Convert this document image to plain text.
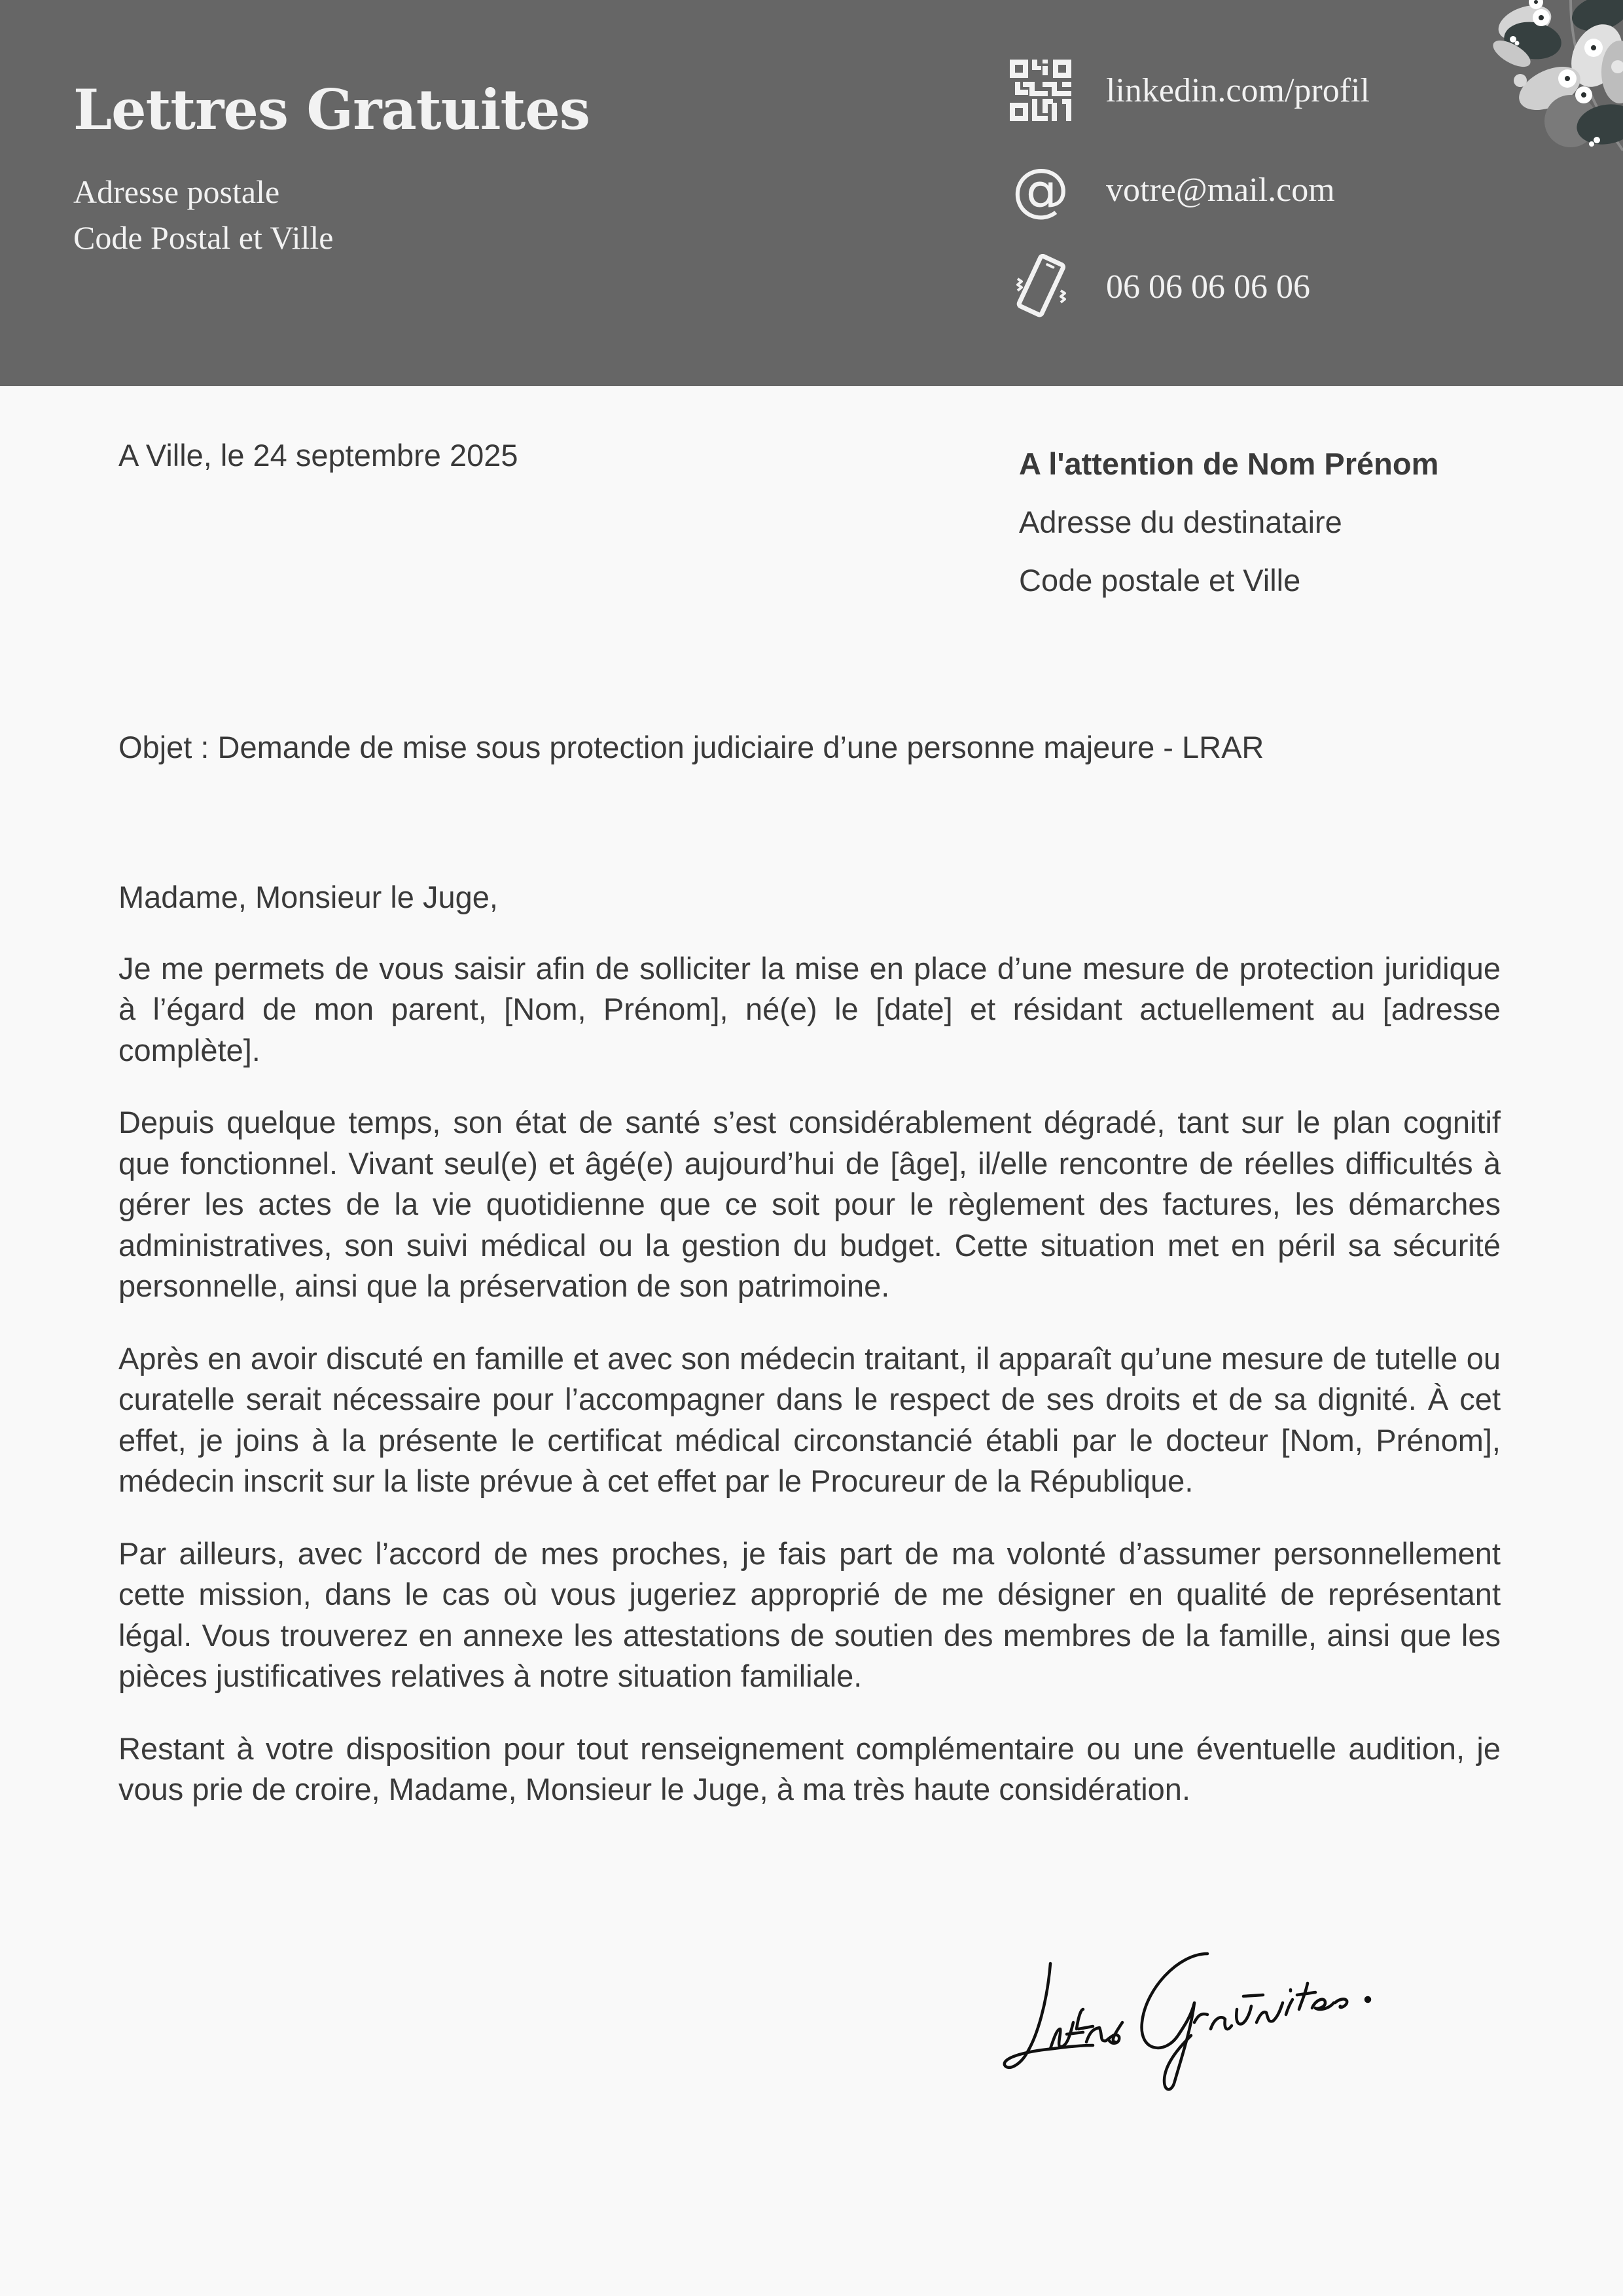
Lettres Gratuites
Adresse postale
Code Postal et Ville
linkedin.com/profil
@ votre@mail.com
06 06 06 06 06
A Ville, le 24 septembre 2025	A l'attention de Nom Prénom
Adresse du destinataire
Code postale et Ville
Objet : Demande de mise sous protection judiciaire d’une personne majeure - LRAR

Madame, Monsieur le Juge,

Je me permets de vous saisir afin de solliciter la mise en place d’une mesure de protection juridique à l’égard de mon parent, [Nom, Prénom], né(e) le [date] et résidant actuellement au [adresse complète].

Depuis quelque temps, son état de santé s’est considérablement dégradé, tant sur le plan cognitif que fonctionnel. Vivant seul(e) et âgé(e) aujourd’hui de [âge], il/elle rencontre de réelles difficultés à gérer les actes de la vie quotidienne que ce soit pour le règlement des factures, les démarches administratives, son suivi médical ou la gestion du budget. Cette situation met en péril sa sécurité personnelle, ainsi que la préservation de son patrimoine.

Après en avoir discuté en famille et avec son médecin traitant, il apparaît qu’une mesure de tutelle ou curatelle serait nécessaire pour l’accompagner dans le respect de ses droits et de sa dignité. À cet effet, je joins à la présente le certificat médical circonstancié établi par le docteur [Nom, Prénom], médecin inscrit sur la liste prévue à cet effet par le Procureur de la République.

Par ailleurs, avec l’accord de mes proches, je fais part de ma volonté d’assumer personnellement cette mission, dans le cas où vous jugeriez approprié de me désigner en qualité de représentant légal. Vous trouverez en annexe les attestations de soutien des membres de la famille, ainsi que les pièces justificatives relatives à notre situation familiale.

Restant à votre disposition pour tout renseignement complémentaire ou une éventuelle audition, je vous prie de croire, Madame, Monsieur le Juge, à ma très haute considération.
